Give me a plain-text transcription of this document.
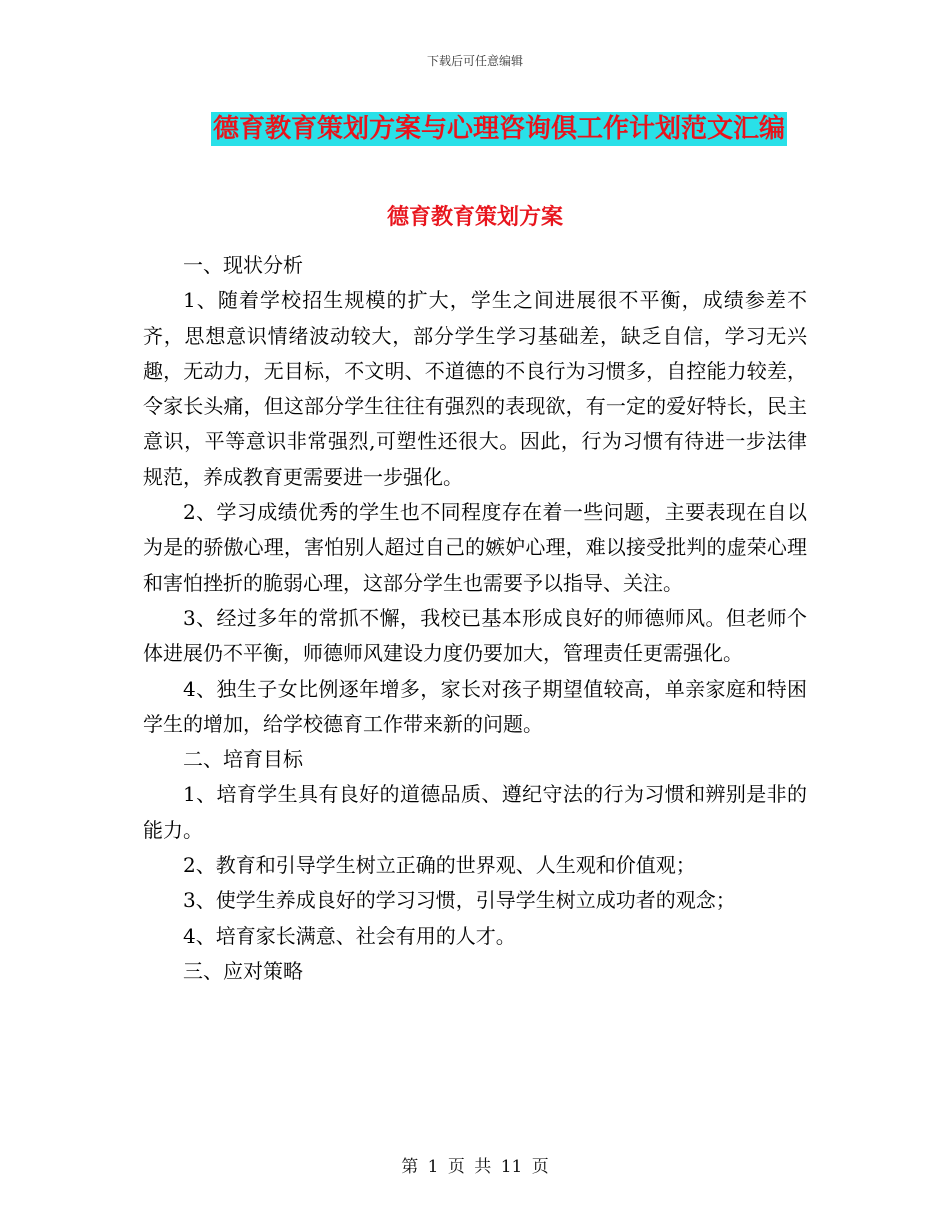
下载后可任意编辑
德育教育策划方案与心理咨询俱工作计划范文汇编
德育教育策划方案

一、现状分析

1、随着学校招生规模的扩大，学生之间进展很不平衡，成绩参差不齐，思想意识情绪波动较大，部分学生学习基础差，缺乏自信，学习无兴趣，无动力，无目标，不文明、不道德的不良行为习惯多，自控能力较差，令家长头痛，但这部分学生往往有强烈的表现欲，有一定的爱好特长，民主意识，平等意识非常强烈,可塑性还很大。因此，行为习惯有待进一步法律规范，养成教育更需要进一步强化。

2、学习成绩优秀的学生也不同程度存在着一些问题，主要表现在自以为是的骄傲心理，害怕别人超过自己的嫉妒心理，难以接受批判的虚荣心理和害怕挫折的脆弱心理，这部分学生也需要予以指导、关注。

3、经过多年的常抓不懈，我校已基本形成良好的师德师风。但老师个体进展仍不平衡，师德师风建设力度仍要加大，管理责任更需强化。

4、独生子女比例逐年增多，家长对孩子期望值较高，单亲家庭和特困学生的增加，给学校德育工作带来新的问题。

二、培育目标

1、培育学生具有良好的道德品质、遵纪守法的行为习惯和辨别是非的能力。

2、教育和引导学生树立正确的世界观、人生观和价值观；

3、使学生养成良好的学习习惯，引导学生树立成功者的观念；

4、培育家长满意、社会有用的人才。

三、应对策略

第 1 页 共 11 页
